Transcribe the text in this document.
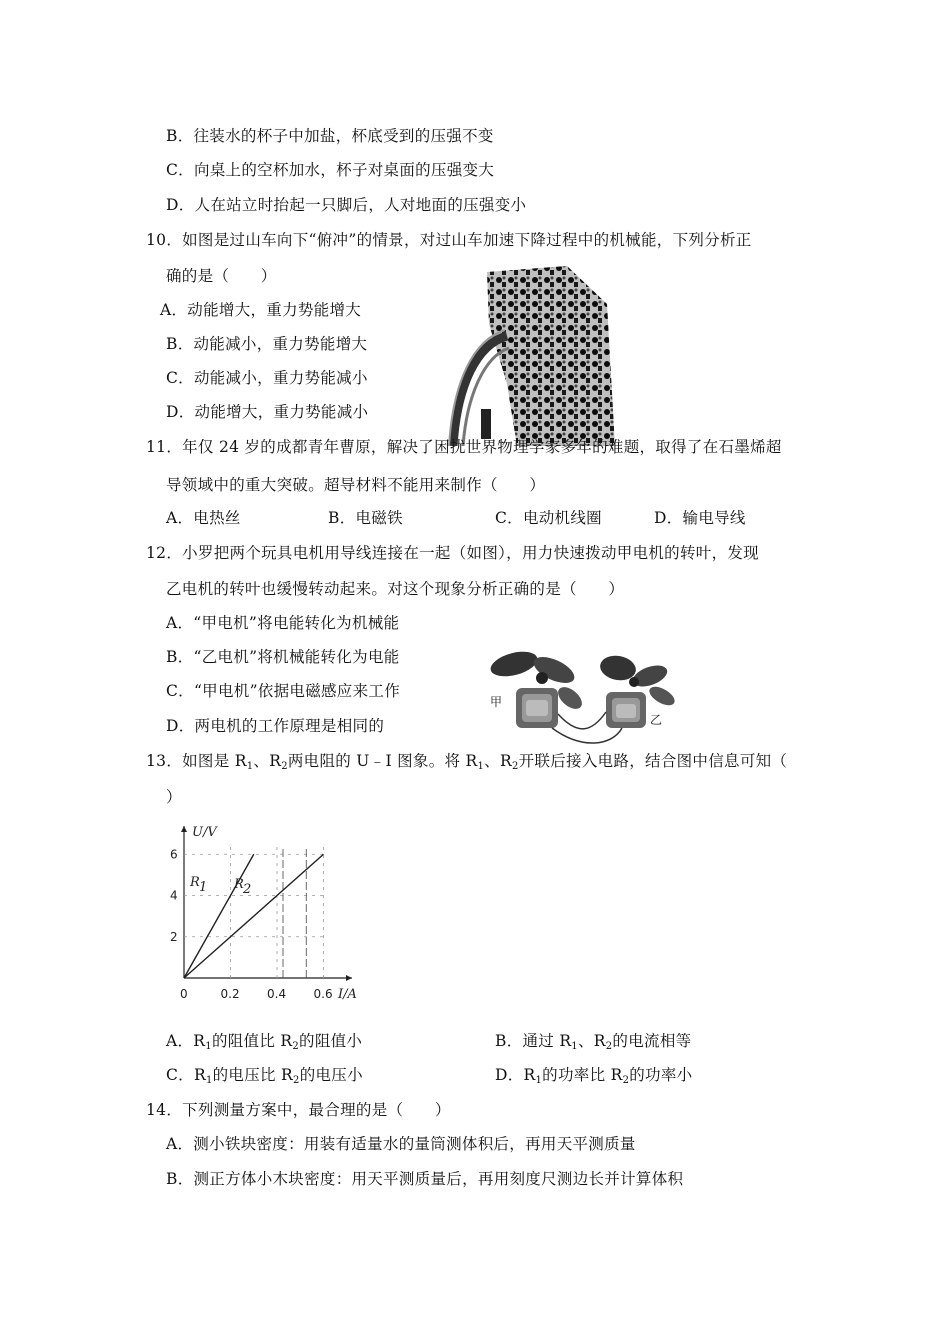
B．往装水的杯子中加盐，杯底受到的压强不变
C．向桌上的空杯加水，杯子对桌面的压强变大
D．人在站立时抬起一只脚后，人对地面的压强变小
10．如图是过山车向下“俯冲”的情景，对过山车加速下降过程中的机械能，下列分析正
确的是（　　）
A．动能增大，重力势能增大
B．动能减小，重力势能增大
C．动能减小，重力势能减小
D．动能增大，重力势能减小
11．年仅 24 岁的成都青年曹原，解决了困扰世界物理学家多年的难题，取得了在石墨烯超
导领域中的重大突破。超导材料不能用来制作（　　）
A．电热丝	B．电磁铁	C．电动机线圈	D．输电导线
12．小罗把两个玩具电机用导线连接在一起（如图），用力快速拨动甲电机的转叶，发现
乙电机的转叶也缓慢转动起来。对这个现象分析正确的是（　　）
A．“甲电机”将电能转化为机械能
B．“乙电机”将机械能转化为电能
C．“甲电机”依据电磁感应来工作
D．两电机的工作原理是相同的
甲
乙
13．如图是 $R_1$、$R_2$两电阻的 U﹣I 图象。将 $R_1$、$R_2$开联后接入电路，结合图中信息可知（
）
U/V
I/A
0	0.2 0.4 0.6
2
4
6
R 1 R 2
A．$R_1$的阻值比 $R_2$的阻值小	B．通过 $R_1$、$R_2$的电流相等
C．$R_1$的电压比 $R_2$的电压小	D．$R_1$的功率比 $R_2$的功率小
14．下列测量方案中，最合理的是（　　）
A．测小铁块密度：用装有适量水的量筒测体积后，再用天平测质量
B．测正方体小木块密度：用天平测质量后，再用刻度尺测边长并计算体积
